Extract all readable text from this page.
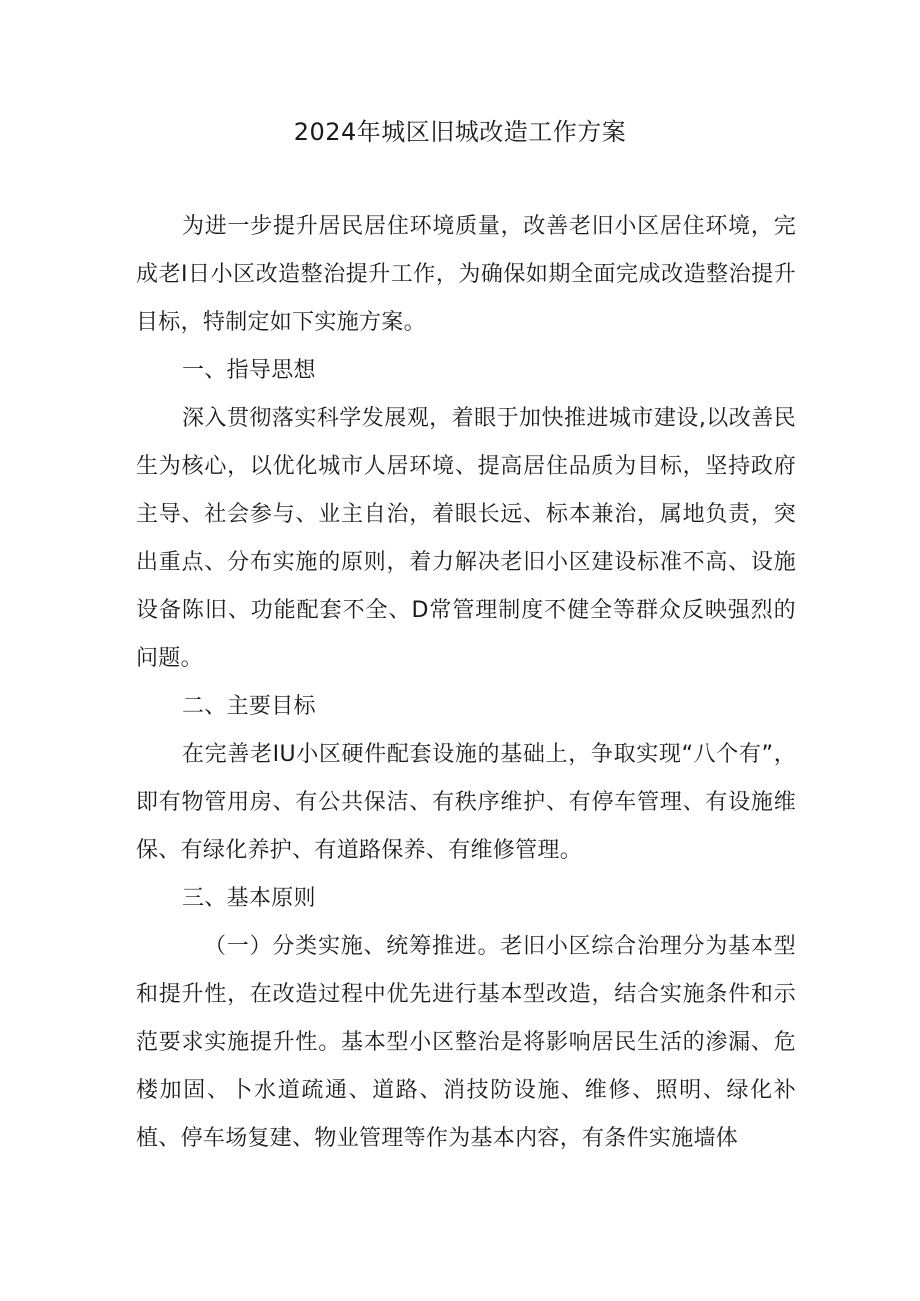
2024年城区旧城改造工作方案

为进一步提升居民居住环境质量，改善老旧小区居住环境，完成老I日小区改造整治提升工作，为确保如期全面完成改造整治提升目标，特制定如下实施方案。

一、指导思想

深入贯彻落实科学发展观，着眼于加快推进城市建设,以改善民生为核心，以优化城市人居环境、提高居住品质为目标，坚持政府主导、社会参与、业主自治，着眼长远、标本兼治，属地负责，突出重点、分布实施的原则，着力解决老旧小区建设标准不高、设施设备陈旧、功能配套不全、D常管理制度不健全等群众反映强烈的问题。

二、主要目标

在完善老IU小区硬件配套设施的基础上，争取实现“八个有”，即有物管用房、有公共保洁、有秩序维护、有停车管理、有设施维保、有绿化养护、有道路保养、有维修管理。

三、基本原则

（一）分类实施、统筹推进。老旧小区综合治理分为基本型和提升性，在改造过程中优先进行基本型改造，结合实施条件和示范要求实施提升性。基本型小区整治是将影响居民生活的渗漏、危楼加固、卜水道疏通、道路、消技防设施、维修、照明、绿化补植、停车场复建、物业管理等作为基本内容，有条件实施墙体
